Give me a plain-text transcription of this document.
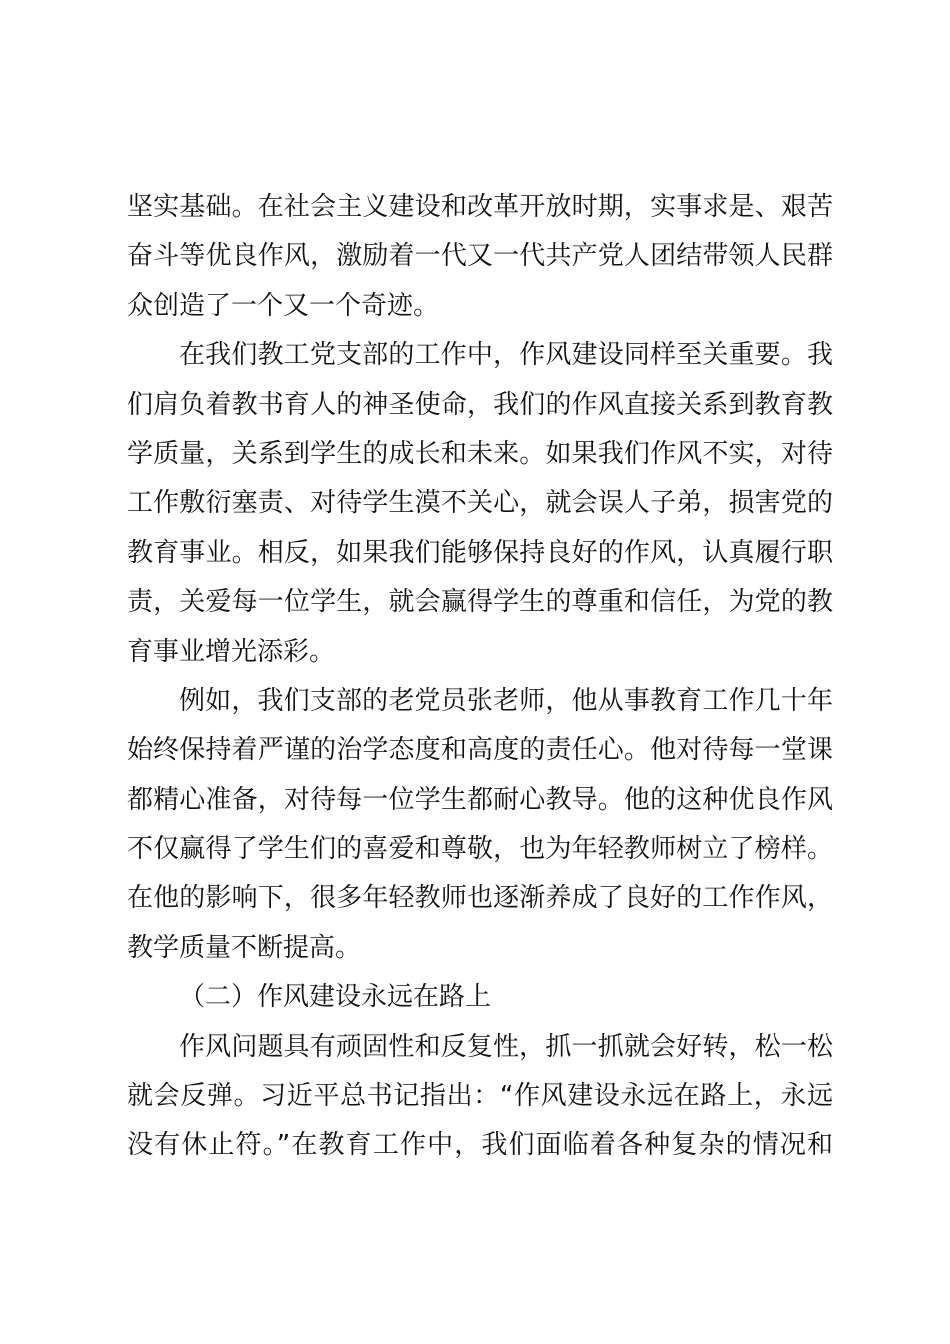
坚实基础。在社会主义建设和改革开放时期，实事求是、艰苦
奋斗等优良作风，激励着一代又一代共产党人团结带领人民群
众创造了一个又一个奇迹。
在我们教工党支部的工作中，作风建设同样至关重要。我
们肩负着教书育人的神圣使命，我们的作风直接关系到教育教
学质量，关系到学生的成长和未来。如果我们作风不实，对待
工作敷衍塞责、对待学生漠不关心，就会误人子弟，损害党的
教育事业。相反，如果我们能够保持良好的作风，认真履行职
责，关爱每一位学生，就会赢得学生的尊重和信任，为党的教
育事业增光添彩。
例如，我们支部的老党员张老师，他从事教育工作几十年
始终保持着严谨的治学态度和高度的责任心。他对待每一堂课
都精心准备，对待每一位学生都耐心教导。他的这种优良作风
不仅赢得了学生们的喜爱和尊敬，也为年轻教师树立了榜样。
在他的影响下，很多年轻教师也逐渐养成了良好的工作作风，
教学质量不断提高。
（二）作风建设永远在路上
作风问题具有顽固性和反复性，抓一抓就会好转，松一松
就会反弹。习近平总书记指出：“作风建设永远在路上，永远
没有休止符。”在教育工作中，我们面临着各种复杂的情况和
